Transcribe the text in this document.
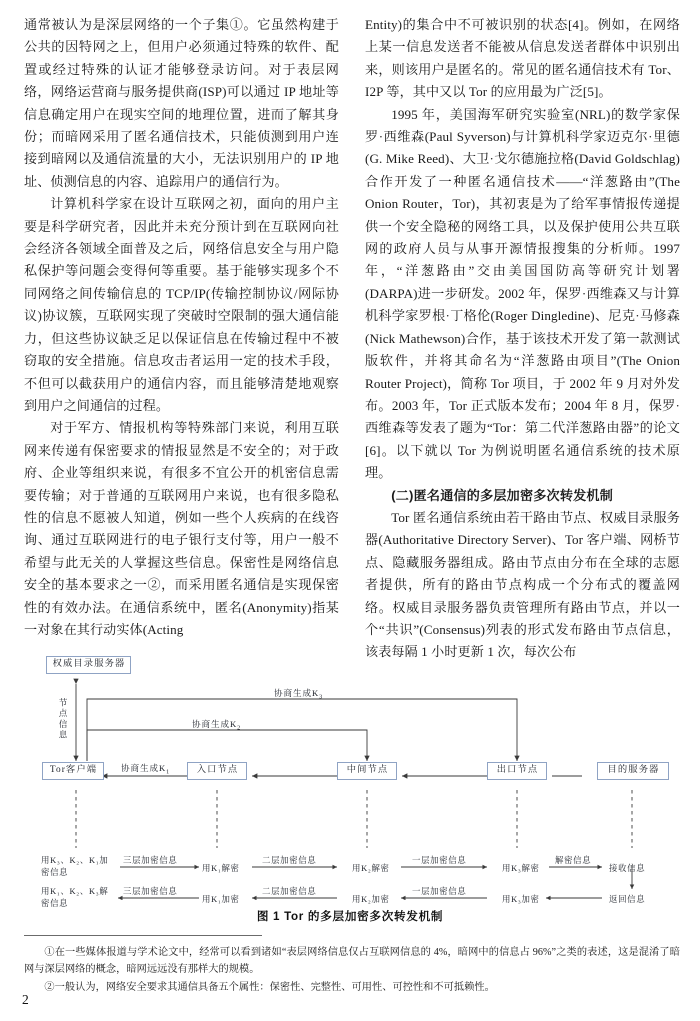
通常被认为是深层网络的一个子集①。它虽然构建于公共的因特网之上，但用户必须通过特殊的软件、配置或经过特殊的认证才能够登录访问。对于表层网络，网络运营商与服务提供商(ISP)可以通过 IP 地址等信息确定用户在现实空间的地理位置，进而了解其身份；而暗网采用了匿名通信技术，只能侦测到用户连接到暗网以及通信流量的大小，无法识别用户的 IP 地址、侦测信息的内容、追踪用户的通信行为。

计算机科学家在设计互联网之初，面向的用户主要是科学研究者，因此并未充分预计到在互联网向社会经济各领域全面普及之后，网络信息安全与用户隐私保护等问题会变得何等重要。基于能够实现多个不同网络之间传输信息的 TCP/IP(传输控制协议/网际协议)协议簇，互联网实现了突破时空限制的强大通信能力，但这些协议缺乏足以保证信息在传输过程中不被窃取的安全措施。信息攻击者运用一定的技术手段，不但可以截获用户的通信内容，而且能够清楚地观察到用户之间通信的过程。

对于军方、情报机构等特殊部门来说，利用互联网来传递有保密要求的情报显然是不安全的；对于政府、企业等组织来说，有很多不宜公开的机密信息需要传输；对于普通的互联网用户来说，也有很多隐私性的信息不愿被人知道，例如一些个人疾病的在线咨询、通过互联网进行的电子银行支付等，用户一般不希望与此无关的人掌握这些信息。保密性是网络信息安全的基本要求之一②，而采用匿名通信是实现保密性的有效办法。在通信系统中，匿名(Anonymity)指某一对象在其行动实体(Acting

Entity)的集合中不可被识别的状态[4]。例如，在网络上某一信息发送者不能被从信息发送者群体中识别出来，则该用户是匿名的。常见的匿名通信技术有 Tor、I2P 等，其中又以 Tor 的应用最为广泛[5]。

1995 年，美国海军研究实验室(NRL)的数学家保罗·西维森(Paul Syverson)与计算机科学家迈克尔·里德(G. Mike Reed)、大卫·戈尔德施拉格(David Goldschlag)合作开发了一种匿名通信技术——“洋葱路由”(The Onion Router，Tor)，其初衷是为了给军事情报传递提供一个安全隐秘的网络工具，以及保护使用公共互联网的政府人员与从事开源情报搜集的分析师。1997 年，“洋葱路由”交由美国国防高等研究计划署(DARPA)进一步研发。2002 年，保罗·西维森又与计算机科学家罗根·丁格伦(Roger Dingledine)、尼克·马修森(Nick Mathewson)合作，基于该技术开发了第一款测试版软件，并将其命名为“洋葱路由项目”(The Onion Router Project)，简称 Tor 项目，于 2002 年 9 月对外发布。2003 年，Tor 正式版本发布；2004 年 8 月，保罗·西维森等发表了题为“Tor：第二代洋葱路由器”的论文[6]。以下就以 Tor 为例说明匿名通信系统的技术原理。

(二)匿名通信的多层加密多次转发机制

Tor 匿名通信系统由若干路由节点、权威目录服务器(Authoritative Directory Server)、Tor 客户端、网桥节点、隐藏服务器组成。路由节点由分布在全球的志愿者提供，所有的路由节点构成一个分布式的覆盖网络。权威目录服务器负责管理所有路由节点，并以一个“共识”(Consensus)列表的形式发布路由节点信息，该表每隔 1 小时更新 1 次，每次公布

权威目录服务器
Tor客户端	入口节点	中间节点	出口节点	目的服务器
节点信息
协商生成$K_3$
协商生成$K_2$
协商生成$K_1$
用K₃、K₂、K₁加密信息
三层加密信息
用K₁解密
二层加密信息
用K₂解密
一层加密信息
用K₃解密
解密信息
接收信息
用K₁、K₂、K₃解密信息
三层加密信息
用K₁加密
二层加密信息
用K₂加密
一层加密信息
用K₃加密	返回信息
图 1 Tor 的多层加密多次转发机制

①在一些媒体报道与学术论文中，经常可以看到诸如“表层网络信息仅占互联网信息的 4%，暗网中的信息占 96%”之类的表述，这是混淆了暗网与深层网络的概念，暗网远远没有那样大的规模。

②一般认为，网络安全要求其通信具备五个属性：保密性、完整性、可用性、可控性和不可抵赖性。

2
